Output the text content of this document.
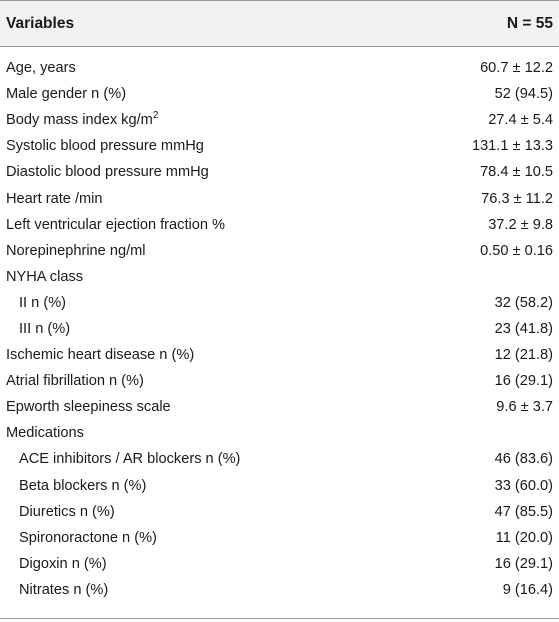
Variables	N = 55
Age, years	60.7 ± 12.2
Male gender n (%)	52 (94.5)
Body mass index $kg/m^2$	27.4 ± 5.4
Systolic blood pressure mmHg	131.1 ± 13.3
Diastolic blood pressure mmHg	78.4 ± 10.5
Heart rate /min	76.3 ± 11.2
Left ventricular ejection fraction %	37.2 ± 9.8
Norepinephrine ng/ml	0.50 ± 0.16
NYHA class
II n (%)	32 (58.2)
III n (%)	23 (41.8)
Ischemic heart disease n (%)	12 (21.8)
Atrial fibrillation n (%)	16 (29.1)
Epworth sleepiness scale	9.6 ± 3.7
Medications
ACE inhibitors / AR blockers n (%)	46 (83.6)
Beta blockers n (%)	33 (60.0)
Diuretics n (%)	47 (85.5)
Spironoractone n (%)	11 (20.0)
Digoxin n (%)	16 (29.1)
Nitrates n (%)	9 (16.4)
